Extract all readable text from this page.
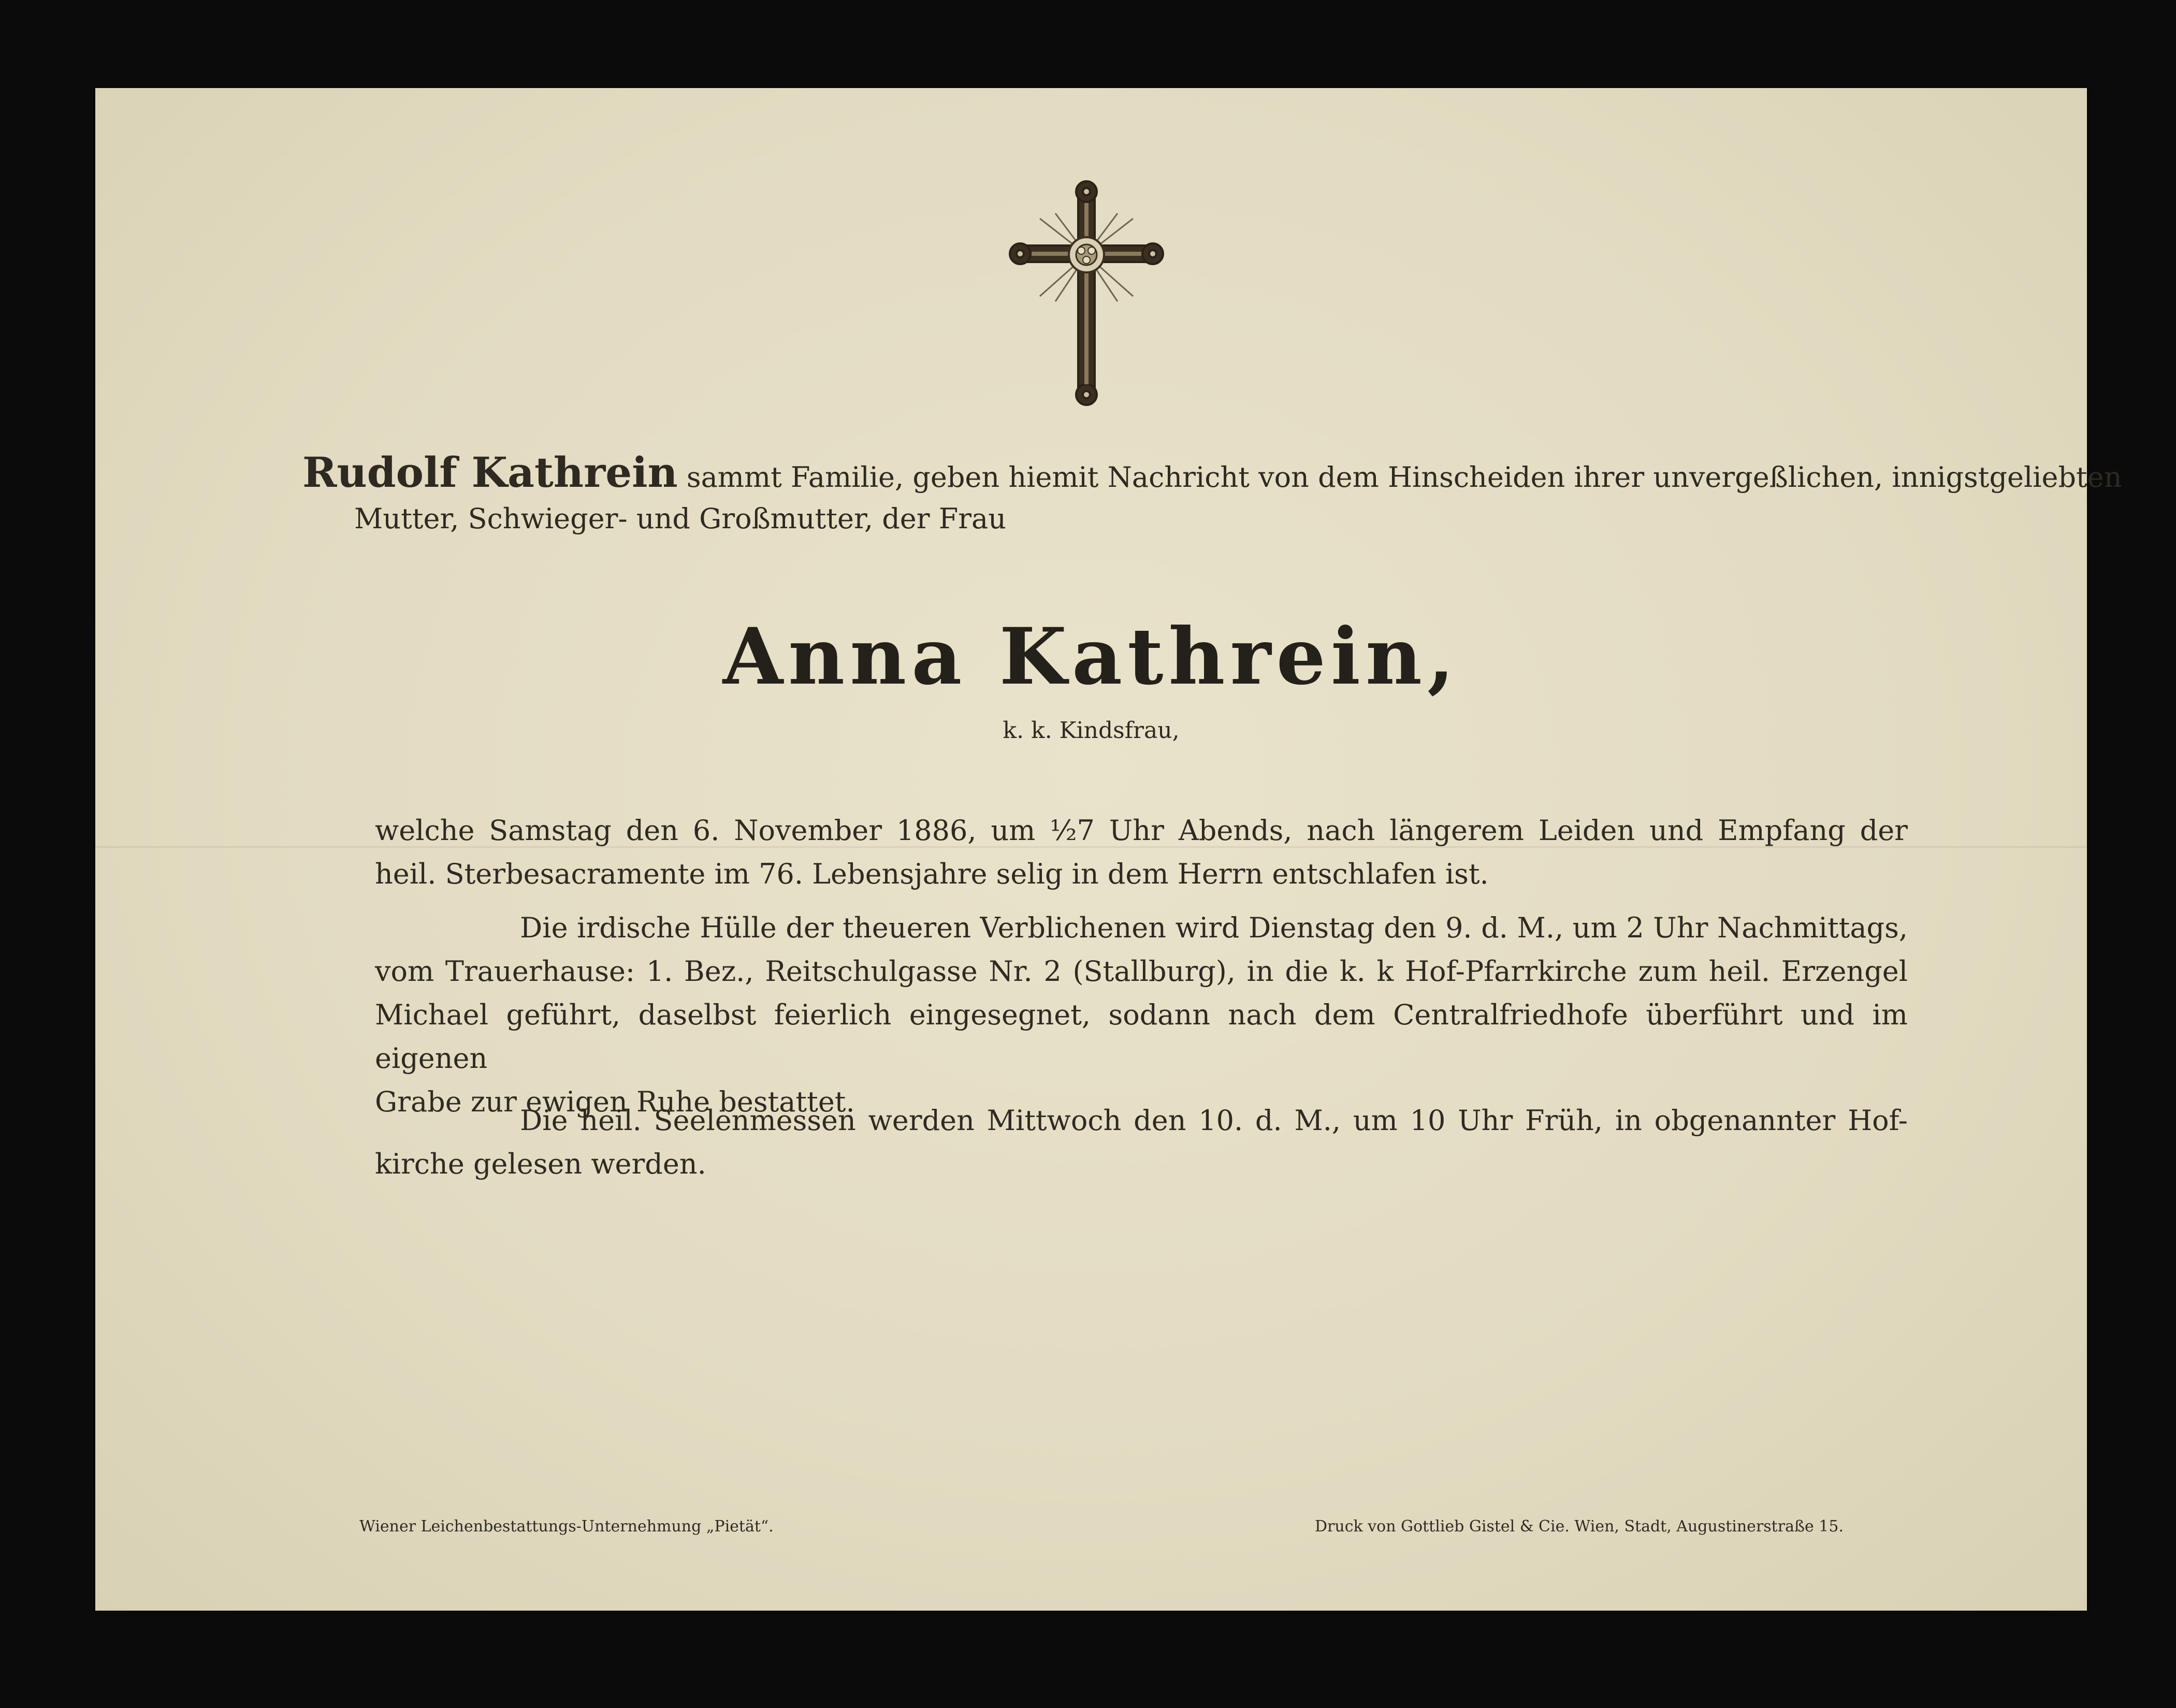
Rudolf Kathrein sammt Familie, geben hiemit Nachricht von dem Hinscheiden ihrer unvergeßlichen, innigstgeliebten
Mutter, Schwieger- und Großmutter, der Frau
Anna Kathrein,
k. k. Kindsfrau,
welche Samstag den 6. November 1886, um ½7 Uhr Abends, nach längerem Leiden und Empfang der
heil. Sterbesacramente im 76. Lebensjahre selig in dem Herrn entschlafen ist.
Die irdische Hülle der theueren Verblichenen wird Dienstag den 9. d. M., um 2 Uhr Nachmittags,
vom Trauerhause: 1. Bez., Reitschulgasse Nr. 2 (Stallburg), in die k. k Hof-Pfarrkirche zum heil. Erzengel
Michael geführt, daselbst feierlich eingesegnet, sodann nach dem Centralfriedhofe überführt und im eigenen
Grabe zur ewigen Ruhe bestattet.
Die heil. Seelenmessen werden Mittwoch den 10. d. M., um 10 Uhr Früh, in obgenannter Hof-
kirche gelesen werden.
Wiener Leichenbestattungs-Unternehmung „Pietät“.	Druck von Gottlieb Gistel & Cie. Wien, Stadt, Augustinerstraße 15.
